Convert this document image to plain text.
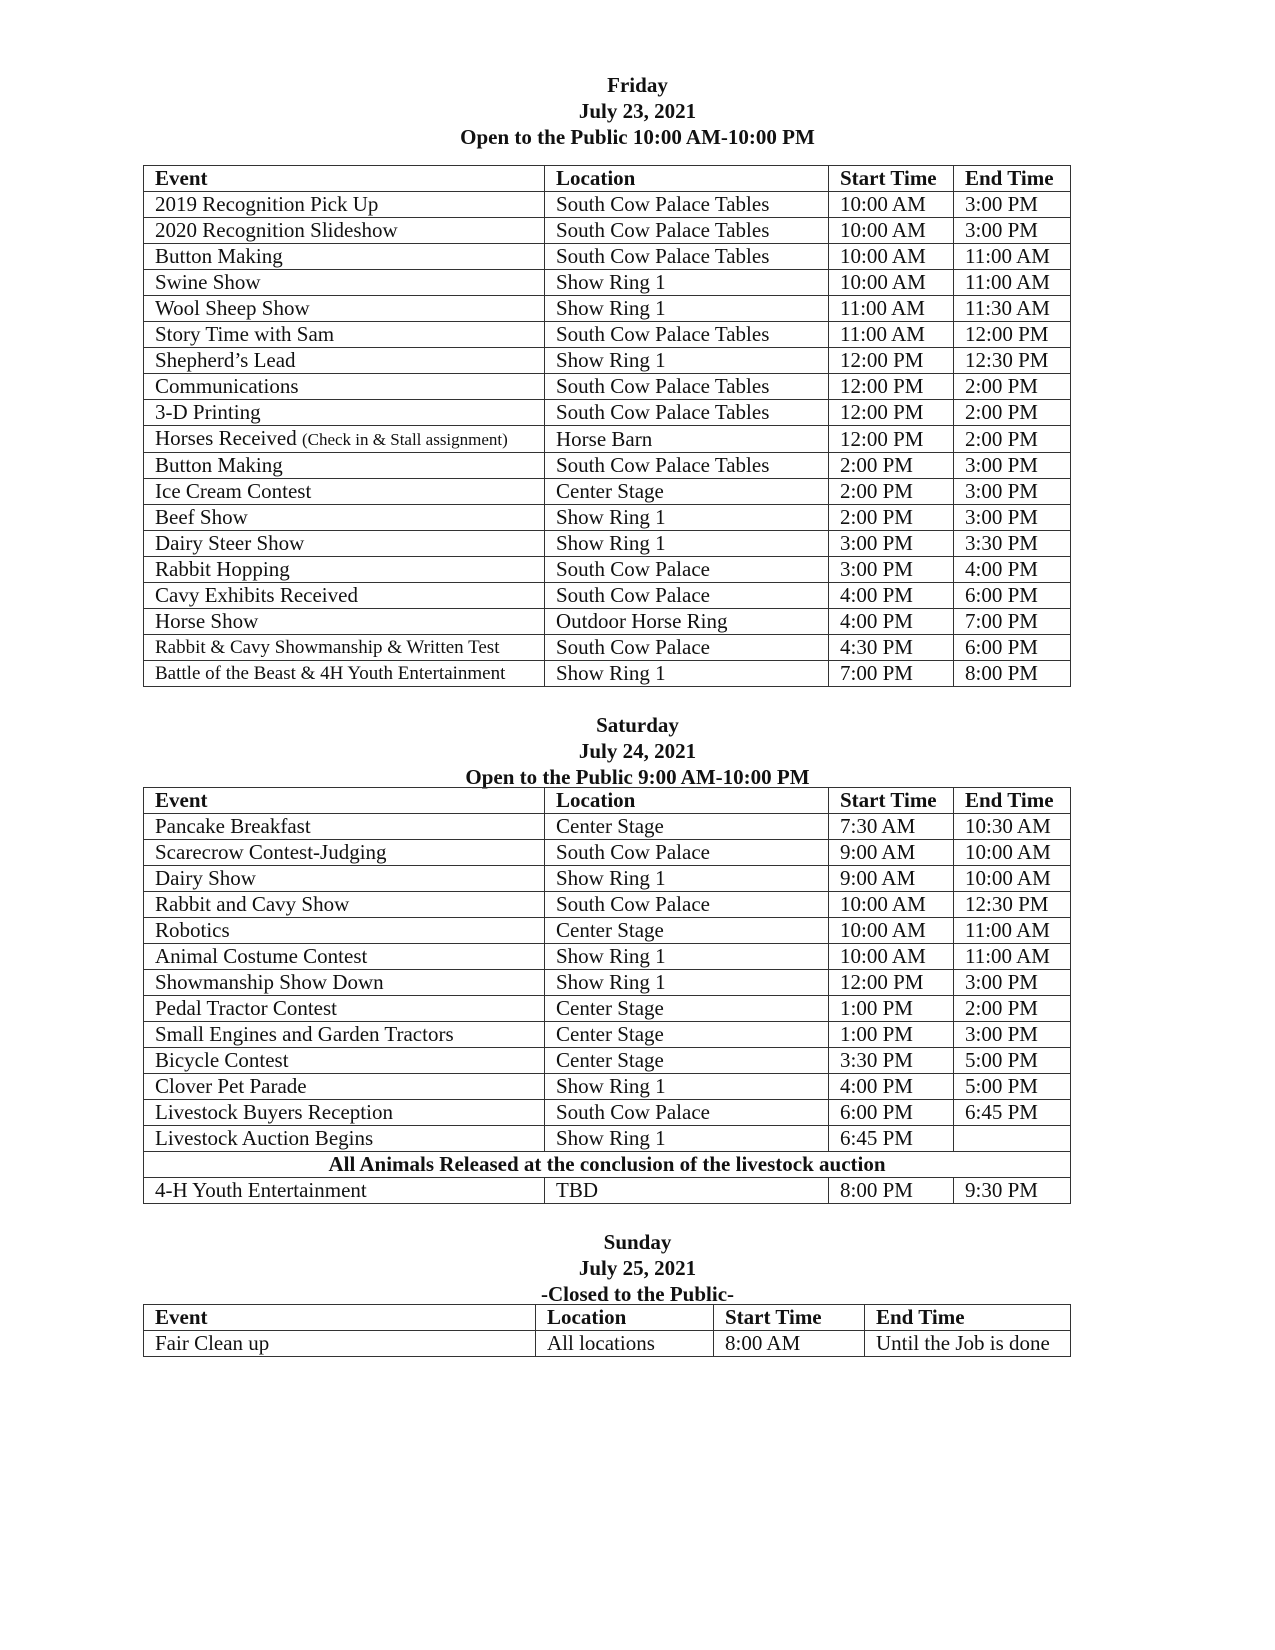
Friday
July 23, 2021
Open to the Public 10:00 AM-10:00 PM
Event	Location	Start Time	End Time
2019 Recognition Pick Up	South Cow Palace Tables	10:00 AM	3:00 PM
2020 Recognition Slideshow	South Cow Palace Tables	10:00 AM	3:00 PM
Button Making	South Cow Palace Tables	10:00 AM	11:00 AM
Swine Show	Show Ring 1	10:00 AM	11:00 AM
Wool Sheep Show	Show Ring 1	11:00 AM	11:30 AM
Story Time with Sam	South Cow Palace Tables	11:00 AM	12:00 PM
Shepherd’s Lead	Show Ring 1	12:00 PM	12:30 PM
Communications	South Cow Palace Tables	12:00 PM	2:00 PM
3-D Printing	South Cow Palace Tables	12:00 PM	2:00 PM
Horses Received (Check in & Stall assignment)	Horse Barn	12:00 PM	2:00 PM
Button Making	South Cow Palace Tables	2:00 PM	3:00 PM
Ice Cream Contest	Center Stage	2:00 PM	3:00 PM
Beef Show	Show Ring 1	2:00 PM	3:00 PM
Dairy Steer Show	Show Ring 1	3:00 PM	3:30 PM
Rabbit Hopping	South Cow Palace	3:00 PM	4:00 PM
Cavy Exhibits Received	South Cow Palace	4:00 PM	6:00 PM
Horse Show	Outdoor Horse Ring	4:00 PM	7:00 PM
Rabbit & Cavy Showmanship & Written Test	South Cow Palace	4:30 PM	6:00 PM
Battle of the Beast & 4H Youth Entertainment	Show Ring 1	7:00 PM	8:00 PM
Saturday
July 24, 2021
Open to the Public 9:00 AM-10:00 PM
Event	Location	Start Time	End Time
Pancake Breakfast	Center Stage	7:30 AM	10:30 AM
Scarecrow Contest-Judging	South Cow Palace	9:00 AM	10:00 AM
Dairy Show	Show Ring 1	9:00 AM	10:00 AM
Rabbit and Cavy Show	South Cow Palace	10:00 AM	12:30 PM
Robotics	Center Stage	10:00 AM	11:00 AM
Animal Costume Contest	Show Ring 1	10:00 AM	11:00 AM
Showmanship Show Down	Show Ring 1	12:00 PM	3:00 PM
Pedal Tractor Contest	Center Stage	1:00 PM	2:00 PM
Small Engines and Garden Tractors	Center Stage	1:00 PM	3:00 PM
Bicycle Contest	Center Stage	3:30 PM	5:00 PM
Clover Pet Parade	Show Ring 1	4:00 PM	5:00 PM
Livestock Buyers Reception	South Cow Palace	6:00 PM	6:45 PM
Livestock Auction Begins	Show Ring 1	6:45 PM	
All Animals Released at the conclusion of the livestock auction			
4-H Youth Entertainment	TBD	8:00 PM	9:30 PM
Sunday
July 25, 2021
-Closed to the Public-
Event	Location	Start Time	End Time
Fair Clean up	All locations	8:00 AM	Until the Job is done
